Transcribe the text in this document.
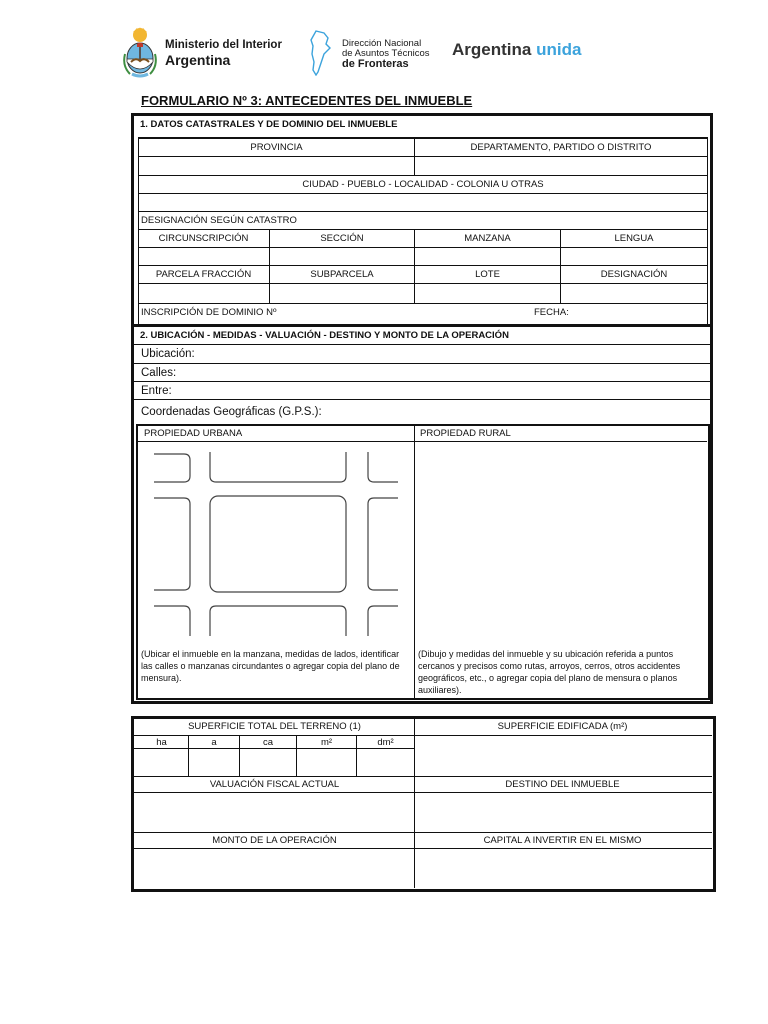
Ministerio del Interior
Argentina
Dirección Nacional
de Asuntos Técnicos
de Fronteras
Argentina unida
FORMULARIO Nº 3: ANTECEDENTES DEL INMUEBLE
1. DATOS CATASTRALES Y DE DOMINIO DEL INMUEBLE
PROVINCIA	DEPARTAMENTO, PARTIDO O DISTRITO
CIUDAD - PUEBLO - LOCALIDAD - COLONIA U OTRAS
DESIGNACIÓN SEGÚN CATASTRO
CIRCUNSCRIPCIÓN	SECCIÓN	MANZANA	LENGUA
PARCELA FRACCIÓN	SUBPARCELA	LOTE	DESIGNACIÓN
INSCRIPCIÓN DE DOMINIO Nº	FECHA:
2. UBICACIÓN - MEDIDAS - VALUACIÓN - DESTINO Y MONTO DE LA OPERACIÓN
Ubicación:
Calles:
Entre:
Coordenadas Geográficas (G.P.S.):
PROPIEDAD URBANA	PROPIEDAD RURAL
(Ubicar el inmueble en la manzana, medidas de lados, identificar las calles o manzanas circundantes o agregar copia del plano de mensura).
(Dibujo y medidas del inmueble y su ubicación referida a puntos cercanos y precisos como rutas, arroyos, cerros, otros accidentes geográficos, etc., o agregar copia del plano de mensura o planos auxiliares).
SUPERFICIE TOTAL DEL TERRENO (1)	SUPERFICIE EDIFICADA (m²)
ha	a	ca	m²	dm²
VALUACIÓN FISCAL ACTUAL	DESTINO DEL INMUEBLE
MONTO DE LA OPERACIÓN	CAPITAL A INVERTIR EN EL MISMO
